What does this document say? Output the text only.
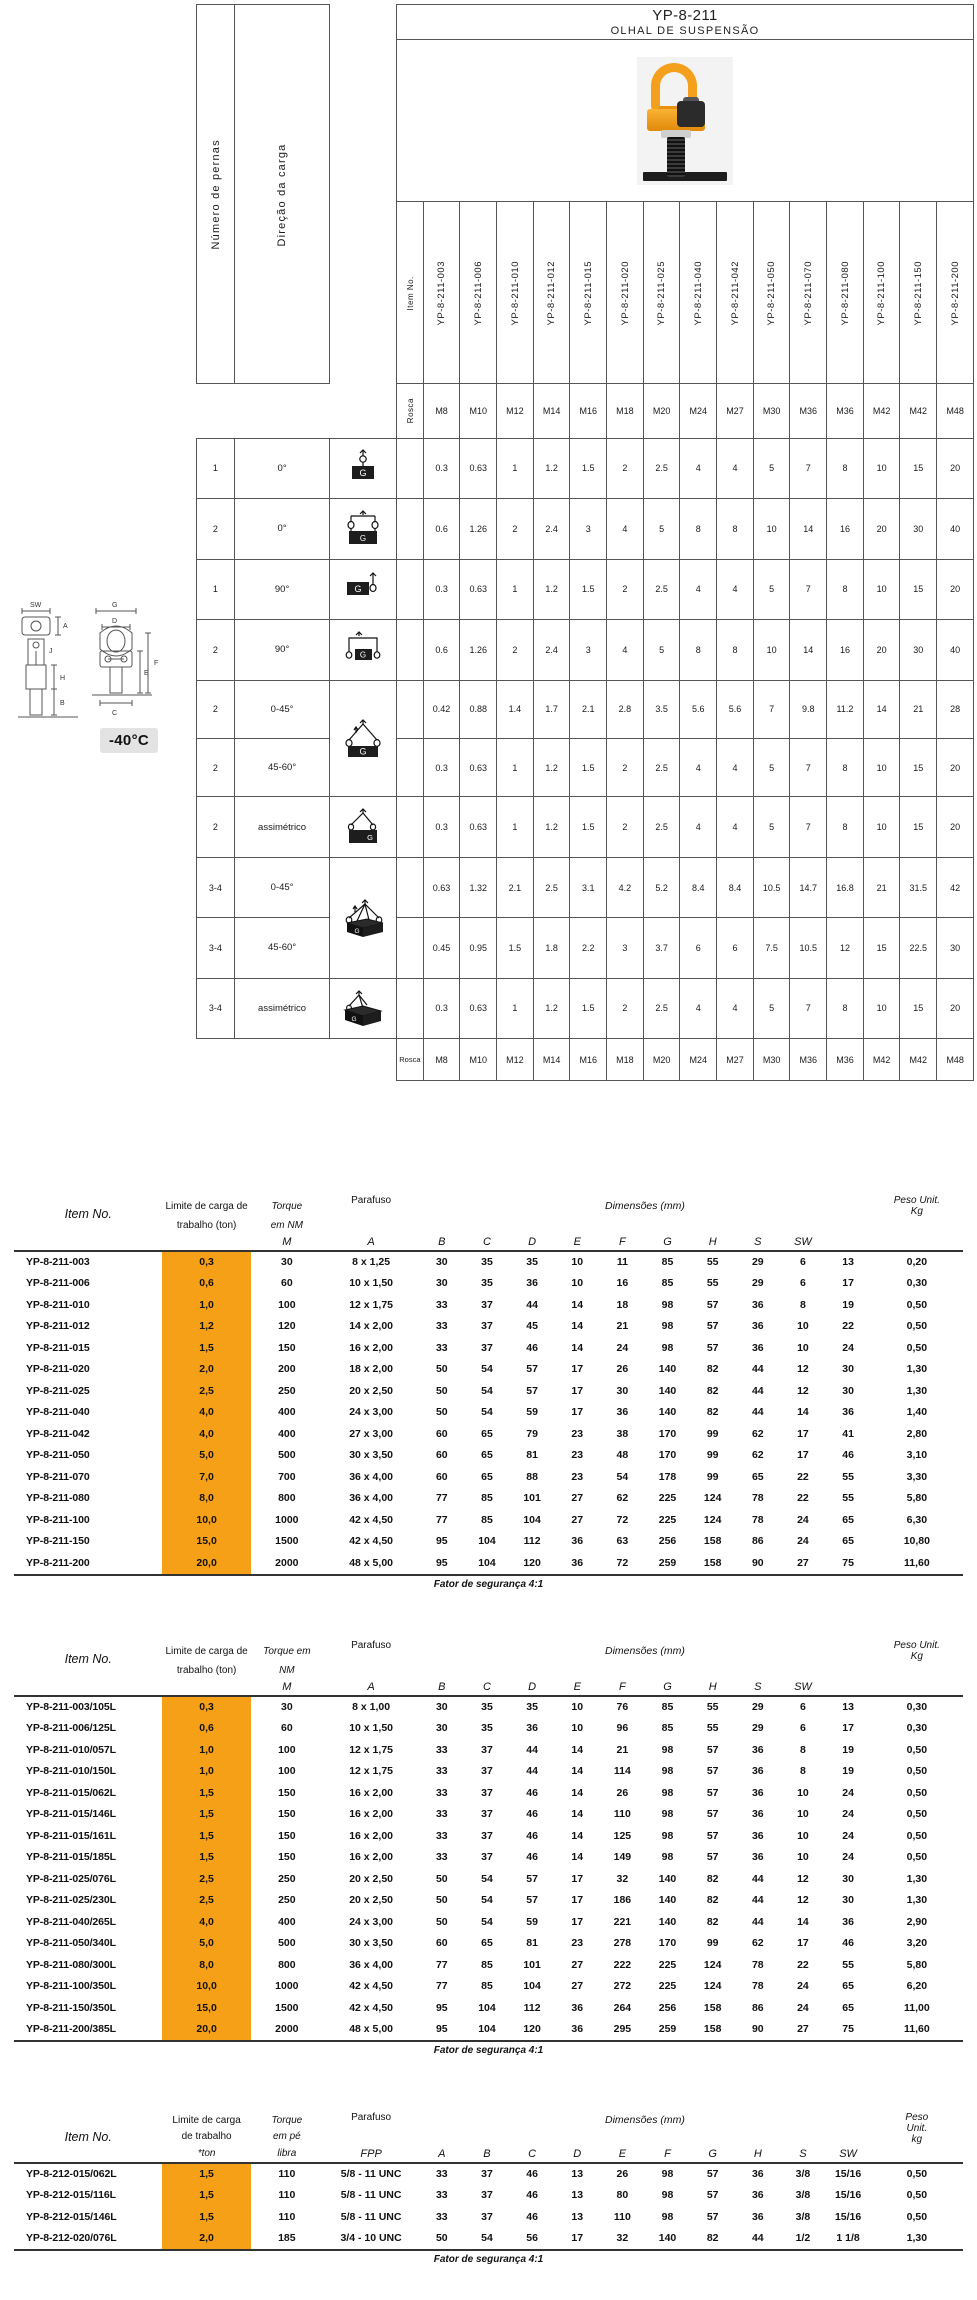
Número de pernas	Direção da carga		YP-8-211
OLHAL DE SUSPENSÃO															

			Item No.	YP-8-211-003	YP-8-211-006	YP-8-211-010	YP-8-211-012	YP-8-211-015	YP-8-211-020	YP-8-211-025	YP-8-211-040	YP-8-211-042	YP-8-211-050	YP-8-211-070	YP-8-211-080	YP-8-211-100	YP-8-211-150	YP-8-211-200
			Rosca	M8	M10	M12	M14	M16	M18	M20	M24	M27	M30	M36	M36	M42	M42	M48
1	0°	G		0.3	0.63	1	1.2	1.5	2	2.5	4	4	5	7	8	10	15	20
2	0°	G		0.6	1.26	2	2.4	3	4	5	8	8	10	14	16	20	30	40
1	90°	G		0.3	0.63	1	1.2	1.5	2	2.5	4	4	5	7	8	10	15	20
2	90°	G		0.6	1.26	2	2.4	3	4	5	8	8	10	14	16	20	30	40
2	0-45°	G		0.42	0.88	1.4	1.7	2.1	2.8	3.5	5.6	5.6	7	9.8	11.2	14	21	28
2	45-60°			0.3	0.63	1	1.2	1.5	2	2.5	4	4	5	7	8	10	15	20
2	assimétrico	G		0.3	0.63	1	1.2	1.5	2	2.5	4	4	5	7	8	10	15	20
3-4	0-45°	G		0.63	1.32	2.1	2.5	3.1	4.2	5.2	8.4	8.4	10.5	14.7	16.8	21	31.5	42
3-4	45-60°			0.45	0.95	1.5	1.8	2.2	3	3.7	6	6	7.5	10.5	12	15	22.5	30
3-4	assimétrico	G		0.3	0.63	1	1.2	1.5	2	2.5	4	4	5	7	8	10	15	20
			Rosca	M8	M10	M12	M14	M16	M18	M20	M24	M27	M30	M36	M36	M42	M42	M48
SW
A
J
H
B
G
D
F
E
C
-40°C
Item No.	Limite de carga de	Torque	Parafuso	Dimensões (mm)										Peso Unit.
Kg

	trabalho (ton)	em NM												
		M	A	B	C	D	E	F	G	H	S	SW		
YP-8-211-003	0,3	30	8 x 1,25	30	35	35	10	11	85	55	29	6	13	0,20
YP-8-211-006	0,6	60	10 x 1,50	30	35	36	10	16	85	55	29	6	17	0,30
YP-8-211-010	1,0	100	12 x 1,75	33	37	44	14	18	98	57	36	8	19	0,50
YP-8-211-012	1,2	120	14 x 2,00	33	37	45	14	21	98	57	36	10	22	0,50
YP-8-211-015	1,5	150	16 x 2,00	33	37	46	14	24	98	57	36	10	24	0,50
YP-8-211-020	2,0	200	18 x 2,00	50	54	57	17	26	140	82	44	12	30	1,30
YP-8-211-025	2,5	250	20 x 2,50	50	54	57	17	30	140	82	44	12	30	1,30
YP-8-211-040	4,0	400	24 x 3,00	50	54	59	17	36	140	82	44	14	36	1,40
YP-8-211-042	4,0	400	27 x 3,00	60	65	79	23	38	170	99	62	17	41	2,80
YP-8-211-050	5,0	500	30 x 3,50	60	65	81	23	48	170	99	62	17	46	3,10
YP-8-211-070	7,0	700	36 x 4,00	60	65	88	23	54	178	99	65	22	55	3,30
YP-8-211-080	8,0	800	36 x 4,00	77	85	101	27	62	225	124	78	22	55	5,80
YP-8-211-100	10,0	1000	42 x 4,50	77	85	104	27	72	225	124	78	24	65	6,30
YP-8-211-150	15,0	1500	42 x 4,50	95	104	112	36	63	256	158	86	24	65	10,80
YP-8-211-200	20,0	2000	48 x 5,00	95	104	120	36	72	259	158	90	27	75	11,60
Fator de segurança 4:1
Item No.	Limite de carga de	Torque em	Parafuso	Dimensões (mm)										Peso Unit.
Kg

	trabalho (ton)	NM												
		M	A	B	C	D	E	F	G	H	S	SW		
YP-8-211-003/105L	0,3	30	8 x 1,00	30	35	35	10	76	85	55	29	6	13	0,30
YP-8-211-006/125L	0,6	60	10 x 1,50	30	35	36	10	96	85	55	29	6	17	0,30
YP-8-211-010/057L	1,0	100	12 x 1,75	33	37	44	14	21	98	57	36	8	19	0,50
YP-8-211-010/150L	1,0	100	12 x 1,75	33	37	44	14	114	98	57	36	8	19	0,50
YP-8-211-015/062L	1,5	150	16 x 2,00	33	37	46	14	26	98	57	36	10	24	0,50
YP-8-211-015/146L	1,5	150	16 x 2,00	33	37	46	14	110	98	57	36	10	24	0,50
YP-8-211-015/161L	1,5	150	16 x 2,00	33	37	46	14	125	98	57	36	10	24	0,50
YP-8-211-015/185L	1,5	150	16 x 2,00	33	37	46	14	149	98	57	36	10	24	0,50
YP-8-211-025/076L	2,5	250	20 x 2,50	50	54	57	17	32	140	82	44	12	30	1,30
YP-8-211-025/230L	2,5	250	20 x 2,50	50	54	57	17	186	140	82	44	12	30	1,30
YP-8-211-040/265L	4,0	400	24 x 3,00	50	54	59	17	221	140	82	44	14	36	2,90
YP-8-211-050/340L	5,0	500	30 x 3,50	60	65	81	23	278	170	99	62	17	46	3,20
YP-8-211-080/300L	8,0	800	36 x 4,00	77	85	101	27	222	225	124	78	22	55	5,80
YP-8-211-100/350L	10,0	1000	42 x 4,50	77	85	104	27	272	225	124	78	24	65	6,20
YP-8-211-150/350L	15,0	1500	42 x 4,50	95	104	112	36	264	256	158	86	24	65	11,00
YP-8-211-200/385L	20,0	2000	48 x 5,00	95	104	120	36	295	259	158	90	27	75	11,60
Fator de segurança 4:1
Item No.	Limite de carga	Torque	Parafuso	Dimensões (mm)										Peso
Unit.
kg

	de trabalho	em pé												
	*ton	libra	FPP	A	B	C	D	E	F	G	H	S	SW	
YP-8-212-015/062L	1,5	110	5/8 - 11 UNC	33	37	46	13	26	98	57	36	3/8	15/16	0,50
YP-8-212-015/116L	1,5	110	5/8 - 11 UNC	33	37	46	13	80	98	57	36	3/8	15/16	0,50
YP-8-212-015/146L	1,5	110	5/8 - 11 UNC	33	37	46	13	110	98	57	36	3/8	15/16	0,50
YP-8-212-020/076L	2,0	185	3/4 - 10 UNC	50	54	56	17	32	140	82	44	1/2	1 1/8	1,30
Fator de segurança 4:1
